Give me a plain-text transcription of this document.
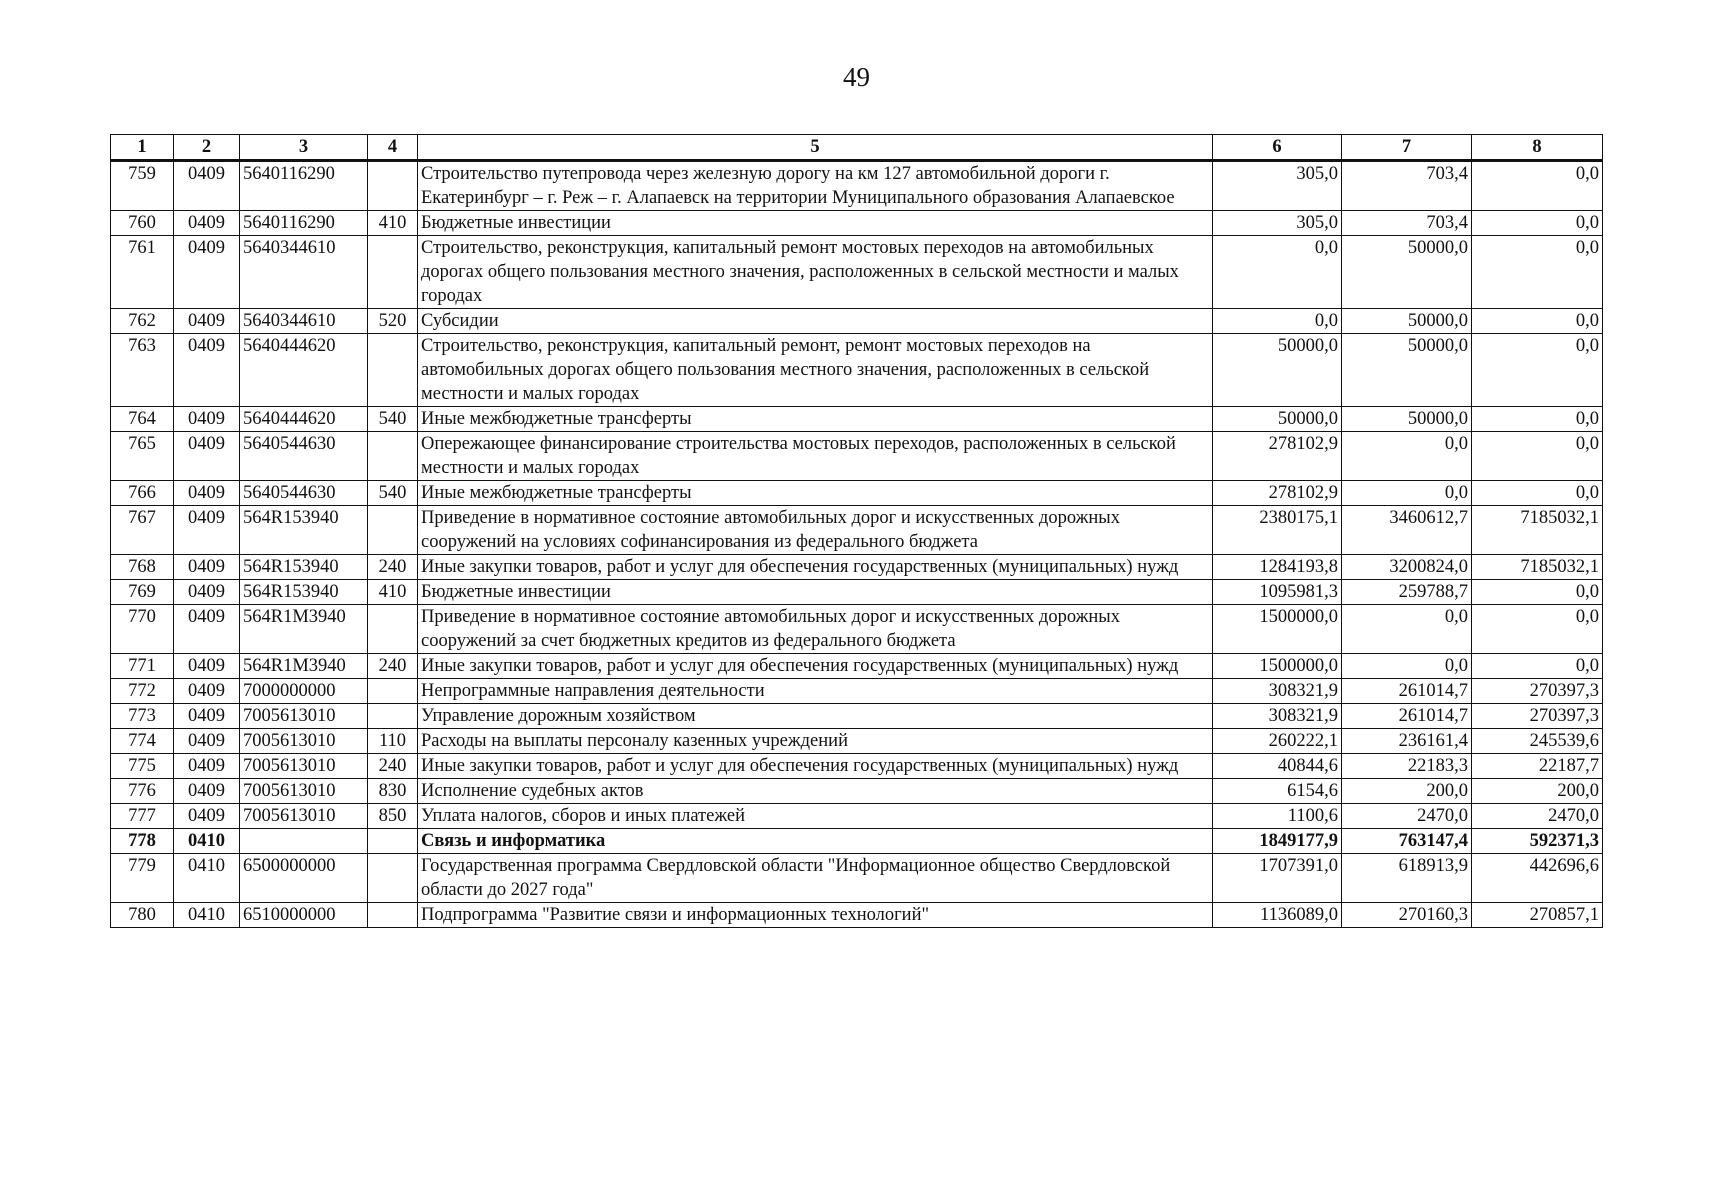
49
1	2	3	4	5	6	7	8
759	0409	5640116290		Строительство путепровода через железную дорогу на км 127 автомобильной дороги г. Екатеринбург – г. Реж – г. Алапаевск на территории Муниципального образования Алапаевское	305,0	703,4	0,0
760	0409	5640116290	410	Бюджетные инвестиции	305,0	703,4	0,0
761	0409	5640344610		Строительство, реконструкция, капитальный ремонт мостовых переходов на автомобильных дорогах общего пользования местного значения, расположенных в сельской местности и малых городах	0,0	50000,0	0,0
762	0409	5640344610	520	Субсидии	0,0	50000,0	0,0
763	0409	5640444620		Строительство, реконструкция, капитальный ремонт, ремонт мостовых переходов на автомобильных дорогах общего пользования местного значения, расположенных в сельской местности и малых городах	50000,0	50000,0	0,0
764	0409	5640444620	540	Иные межбюджетные трансферты	50000,0	50000,0	0,0
765	0409	5640544630		Опережающее финансирование строительства мостовых переходов, расположенных в сельской местности и малых городах	278102,9	0,0	0,0
766	0409	5640544630	540	Иные межбюджетные трансферты	278102,9	0,0	0,0
767	0409	564R153940		Приведение в нормативное состояние автомобильных дорог и искусственных дорожных сооружений на условиях софинансирования из федерального бюджета	2380175,1	3460612,7	7185032,1
768	0409	564R153940	240	Иные закупки товаров, работ и услуг для обеспечения государственных (муниципальных) нужд	1284193,8	3200824,0	7185032,1
769	0409	564R153940	410	Бюджетные инвестиции	1095981,3	259788,7	0,0
770	0409	564R1M3940		Приведение в нормативное состояние автомобильных дорог и искусственных дорожных сооружений за счет бюджетных кредитов из федерального бюджета	1500000,0	0,0	0,0
771	0409	564R1M3940	240	Иные закупки товаров, работ и услуг для обеспечения государственных (муниципальных) нужд	1500000,0	0,0	0,0
772	0409	7000000000		Непрограммные направления деятельности	308321,9	261014,7	270397,3
773	0409	7005613010		Управление дорожным хозяйством	308321,9	261014,7	270397,3
774	0409	7005613010	110	Расходы на выплаты персоналу казенных учреждений	260222,1	236161,4	245539,6
775	0409	7005613010	240	Иные закупки товаров, работ и услуг для обеспечения государственных (муниципальных) нужд	40844,6	22183,3	22187,7
776	0409	7005613010	830	Исполнение судебных актов	6154,6	200,0	200,0
777	0409	7005613010	850	Уплата налогов, сборов и иных платежей	1100,6	2470,0	2470,0
778	0410			Связь и информатика	1849177,9	763147,4	592371,3
779	0410	6500000000		Государственная программа Свердловской области "Информационное общество Свердловской области до 2027 года"	1707391,0	618913,9	442696,6
780	0410	6510000000		Подпрограмма "Развитие связи и информационных технологий"	1136089,0	270160,3	270857,1
